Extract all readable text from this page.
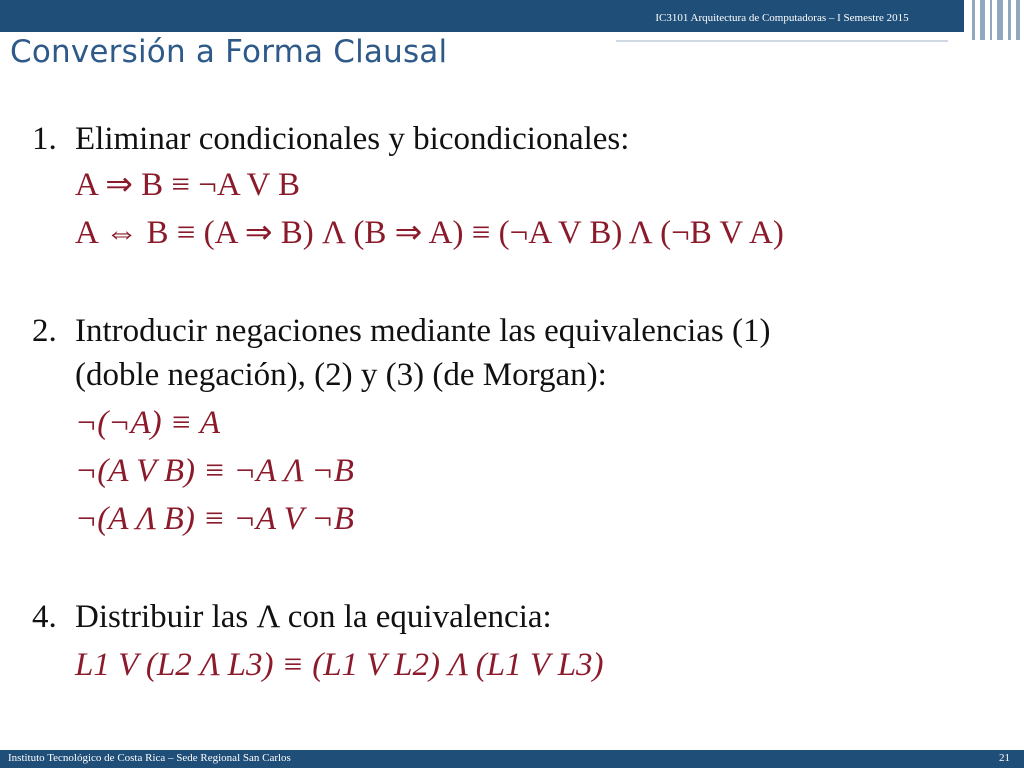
IC3101 Arquitectura de Computadoras – I Semestre 2015
Conversión a Forma Clausal
1. Eliminar condicionales y bicondicionales:
A ⇒ B ≡ ¬A V B
A ⇔ B ≡ (A ⇒ B) Λ (B ⇒ A) ≡ (¬A V B) Λ (¬B V A)
2. Introducir negaciones mediante las equivalencias (1)
(doble negación), (2) y (3) (de Morgan):
¬(¬A) ≡ A
¬(A V B) ≡ ¬A Λ ¬B
¬(A Λ B) ≡ ¬A V ¬B
4. Distribuir las Λ con la equivalencia:
L1 V (L2 Λ L3) ≡ (L1 V L2) Λ (L1 V L3)
Instituto Tecnológico de Costa Rica – Sede Regional San Carlos	21
